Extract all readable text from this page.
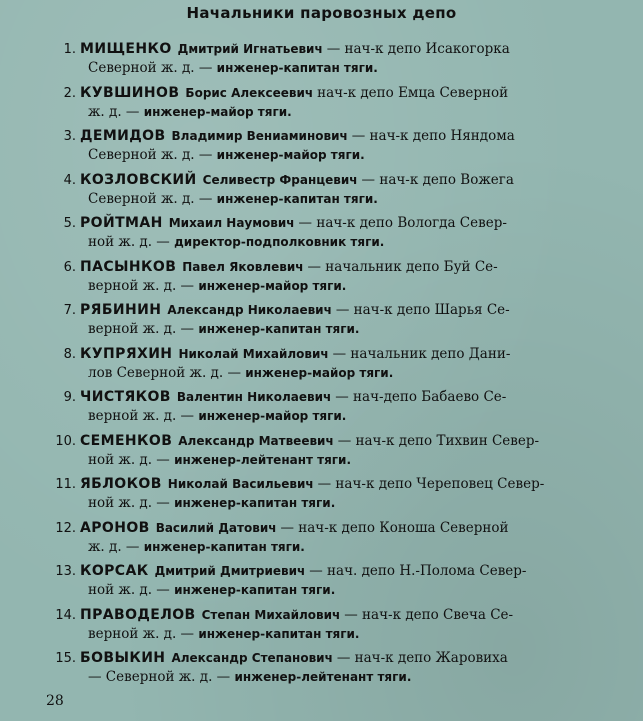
Начальники паровозных депо
1. МИЩЕНКО Дмитрий Игнатьевич — нач-к депо Исакогорка
Северной ж. д. — инженер-капитан тяги.
2. КУВШИНОВ Борис Алексеевич нач-к депо Емца Северной
ж. д. — инженер-майор тяги.
3. ДЕМИДОВ Владимир Вениаминович — нач-к депо Няндома
Северной ж. д. — инженер-майор тяги.
4. КОЗЛОВСКИЙ Селивестр Францевич — нач-к депо Вожега
Северной ж. д. — инженер-капитан тяги.
5. РОЙТМАН Михаил Наумович — нач-к депо Вологда Север-
ной ж. д. — директор-подполковник тяги.
6. ПАСЫНКОВ Павел Яковлевич — начальник депо Буй Се-
верной ж. д. — инженер-майор тяги.
7. РЯБИНИН Александр Николаевич — нач-к депо Шарья Се-
верной ж. д. — инженер-капитан тяги.
8. КУПРЯХИН Николай Михайлович — начальник депо Дани-
лов Северной ж. д. — инженер-майор тяги.
9. ЧИСТЯКОВ Валентин Николаевич — нач-депо Бабаево Се-
верной ж. д. — инженер-майор тяги.
10. СЕМЕНКОВ Александр Матвеевич — нач-к депо Тихвин Север-
ной ж. д. — инженер-лейтенант тяги.
11. ЯБЛОКОВ Николай Васильевич — нач-к депо Череповец Север-
ной ж. д. — инженер-капитан тяги.
12. АРОНОВ Василий Датович — нач-к депо Коноша Северной
ж. д. — инженер-капитан тяги.
13. КОРСАК Дмитрий Дмитриевич — нач. депо Н.-Полома Север-
ной ж. д. — инженер-капитан тяги.
14. ПРАВОДЕЛОВ Степан Михайлович — нач-к депо Свеча Се-
верной ж. д. — инженер-капитан тяги.
15. БОВЫКИН Александр Степанович — нач-к депо Жаровиха
— Северной ж. д. — инженер-лейтенант тяги.
28
